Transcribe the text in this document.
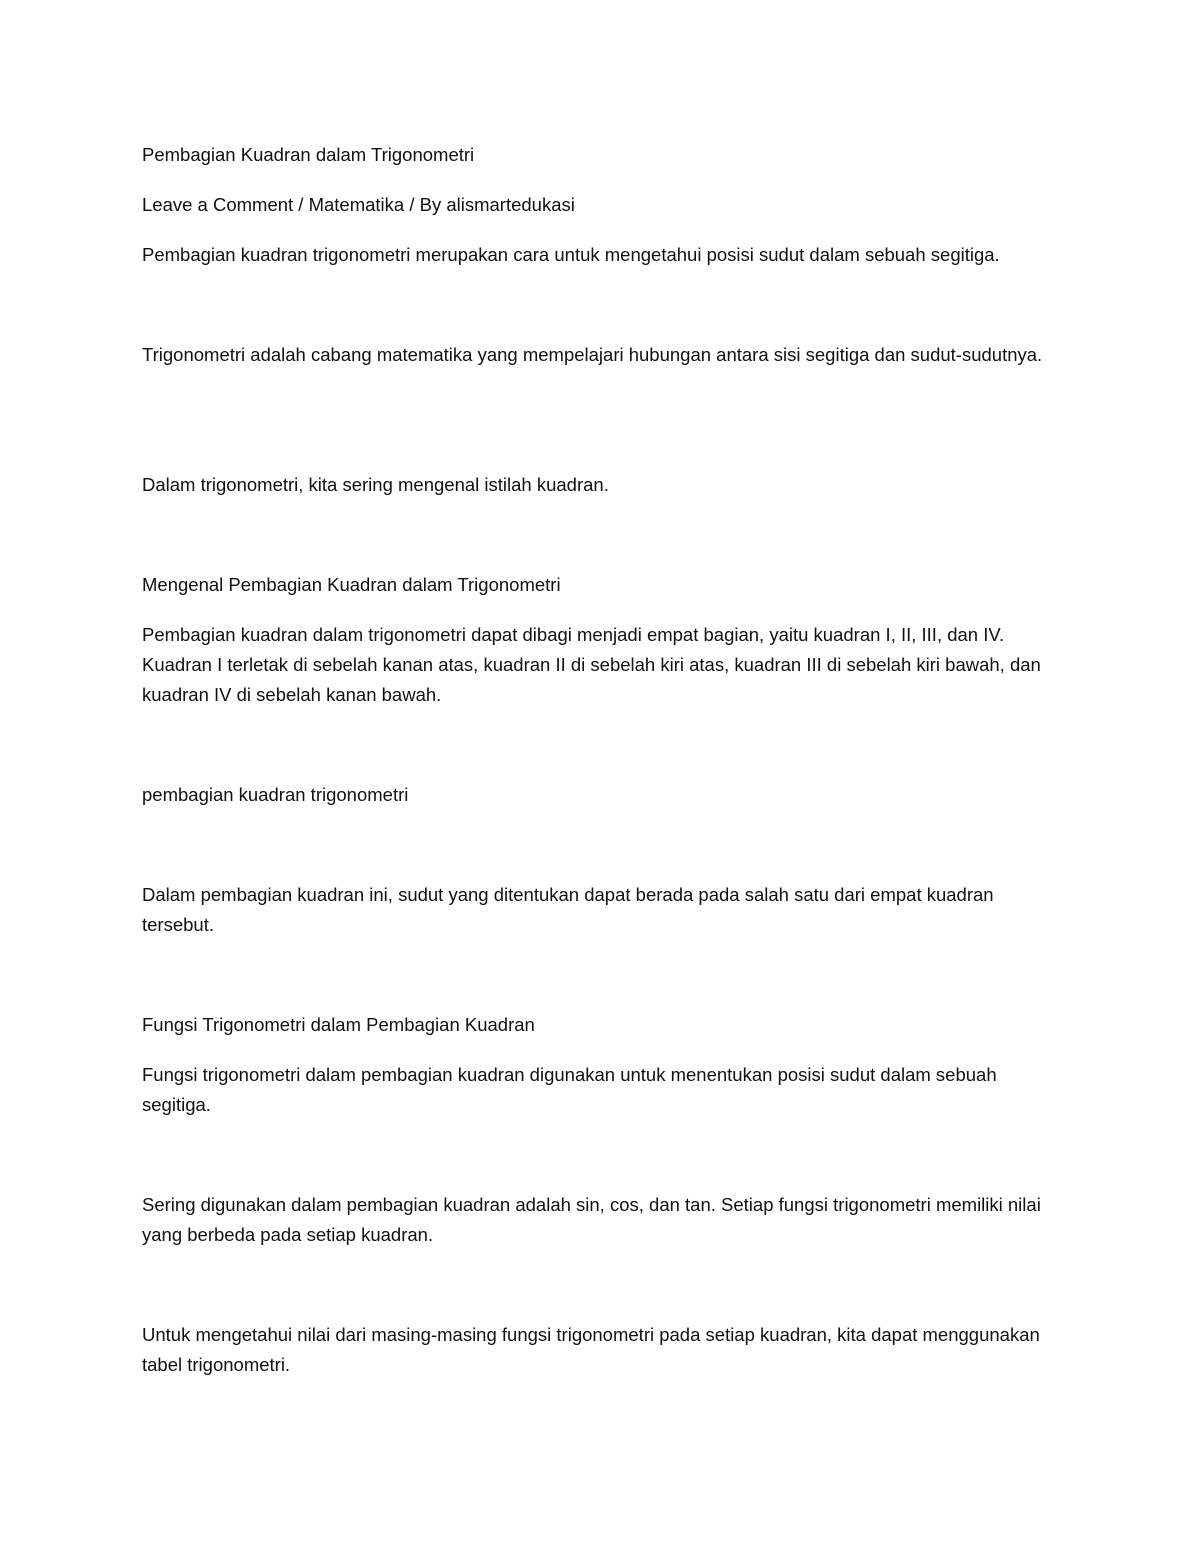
Pembagian Kuadran dalam Trigonometri

Leave a Comment / Matematika / By alismartedukasi

Pembagian kuadran trigonometri merupakan cara untuk mengetahui posisi sudut dalam sebuah segitiga.

Trigonometri adalah cabang matematika yang mempelajari hubungan antara sisi segitiga dan sudut-sudutnya.

Dalam trigonometri, kita sering mengenal istilah kuadran.

Mengenal Pembagian Kuadran dalam Trigonometri

Pembagian kuadran dalam trigonometri dapat dibagi menjadi empat bagian, yaitu kuadran I, II, III, dan IV. Kuadran I terletak di sebelah kanan atas, kuadran II di sebelah kiri atas, kuadran III di sebelah kiri bawah, dan kuadran IV di sebelah kanan bawah.

pembagian kuadran trigonometri

Dalam pembagian kuadran ini, sudut yang ditentukan dapat berada pada salah satu dari empat kuadran tersebut.

Fungsi Trigonometri dalam Pembagian Kuadran

Fungsi trigonometri dalam pembagian kuadran digunakan untuk menentukan posisi sudut dalam sebuah segitiga.

Sering digunakan dalam pembagian kuadran adalah sin, cos, dan tan. Setiap fungsi trigonometri memiliki nilai yang berbeda pada setiap kuadran.

Untuk mengetahui nilai dari masing-masing fungsi trigonometri pada setiap kuadran, kita dapat menggunakan tabel trigonometri.
